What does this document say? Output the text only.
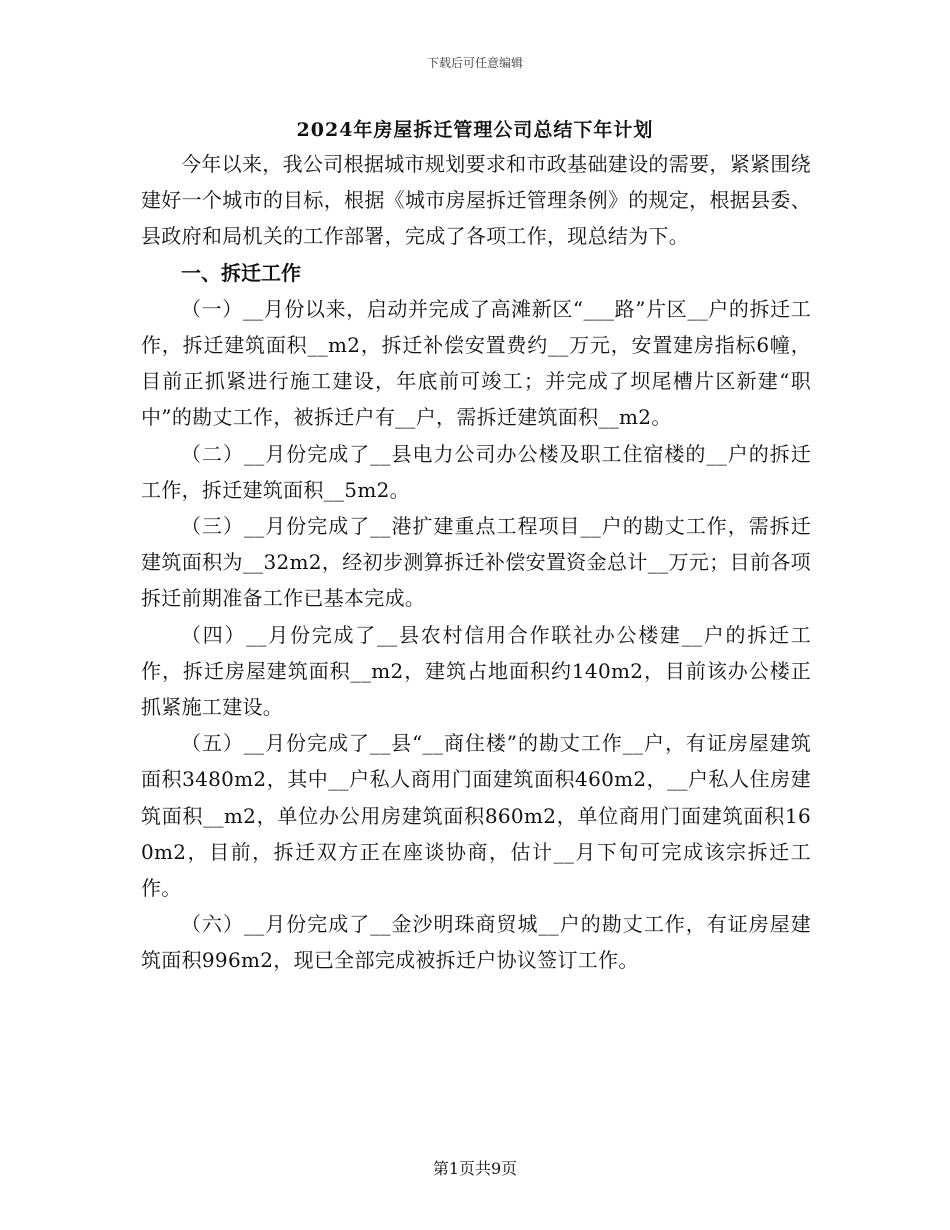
下载后可任意编辑
2024年房屋拆迁管理公司总结下年计划

今年以来，我公司根据城市规划要求和市政基础建设的需要，紧紧围绕建好一个城市的目标，根据《城市房屋拆迁管理条例》的规定，根据县委、县政府和局机关的工作部署，完成了各项工作，现总结为下。

一、拆迁工作

（一）__月份以来，启动并完成了高滩新区“___路”片区__户的拆迁工作，拆迁建筑面积__m2，拆迁补偿安置费约__万元，安置建房指标6幢，目前正抓紧进行施工建设，年底前可竣工；并完成了坝尾槽片区新建“职中”的勘丈工作，被拆迁户有__户，需拆迁建筑面积__m2。

（二）__月份完成了__县电力公司办公楼及职工住宿楼的__户的拆迁工作，拆迁建筑面积__5m2。

（三）__月份完成了__港扩建重点工程项目__户的勘丈工作，需拆迁建筑面积为__32m2，经初步测算拆迁补偿安置资金总计__万元；目前各项拆迁前期准备工作已基本完成。

（四）__月份完成了__县农村信用合作联社办公楼建__户的拆迁工作，拆迁房屋建筑面积__m2，建筑占地面积约140m2，目前该办公楼正抓紧施工建设。

（五）__月份完成了__县“__商住楼”的勘丈工作__户，有证房屋建筑面积3480m2，其中__户私人商用门面建筑面积460m2，__户私人住房建筑面积__m2，单位办公用房建筑面积860m2，单位商用门面建筑面积160m2，目前，拆迁双方正在座谈协商，估计__月下旬可完成该宗拆迁工作。

（六）__月份完成了__金沙明珠商贸城__户的勘丈工作，有证房屋建筑面积996m2，现已全部完成被拆迁户协议签订工作。

第1页共9页
